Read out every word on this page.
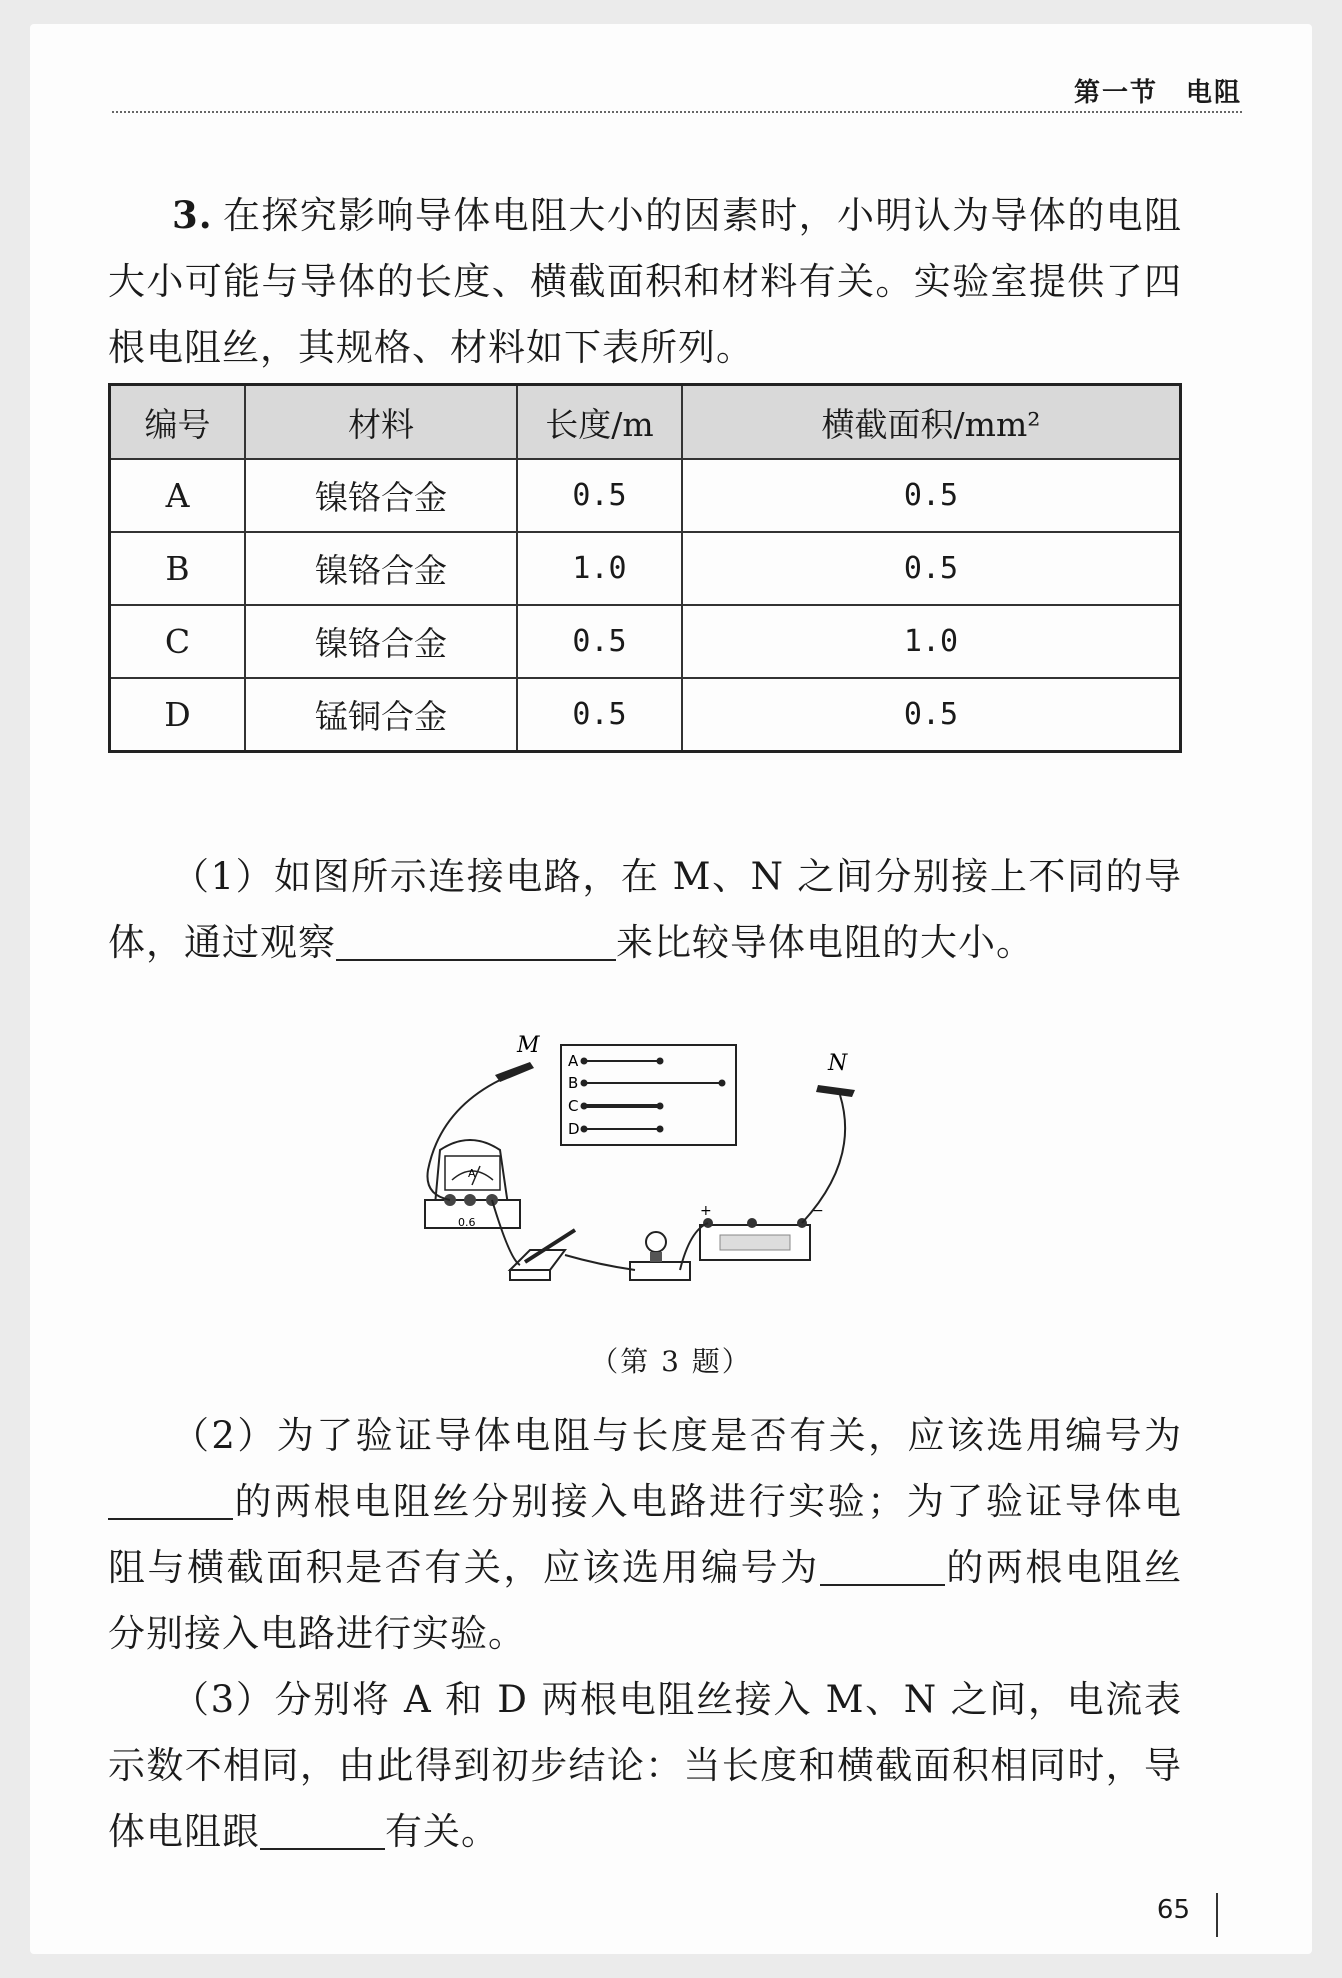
第一节 电阻

3. 在探究影响导体电阻大小的因素时，小明认为导体的电阻大小可能与导体的长度、横截面积和材料有关。实验室提供了四根电阻丝，其规格、材料如下表所列。

编号	材料	长度/m	横截面积/mm²
A	镍铬合金	0.5	0.5
B	镍铬合金	1.0	0.5
C	镍铬合金	0.5	1.0
D	锰铜合金	0.5	0.5

（1）如图所示连接电路，在 M、N 之间分别接上不同的导体，通过观察	来比较导体电阻的大小。

A
B
C
D
M
N
A
0.6
+	−
（第 3 题）

（2）为了验证导体电阻与长度是否有关，应该选用编号为的两根电阻丝分别接入电路进行实验；为了验证导体电阻与横截面积是否有关，应该选用编号为	的两根电阻丝分别接入电路进行实验。

（3）分别将 A 和 D 两根电阻丝接入 M、N 之间，电流表示数不相同，由此得到初步结论：当长度和横截面积相同时，导体电阻跟	有关。

65
